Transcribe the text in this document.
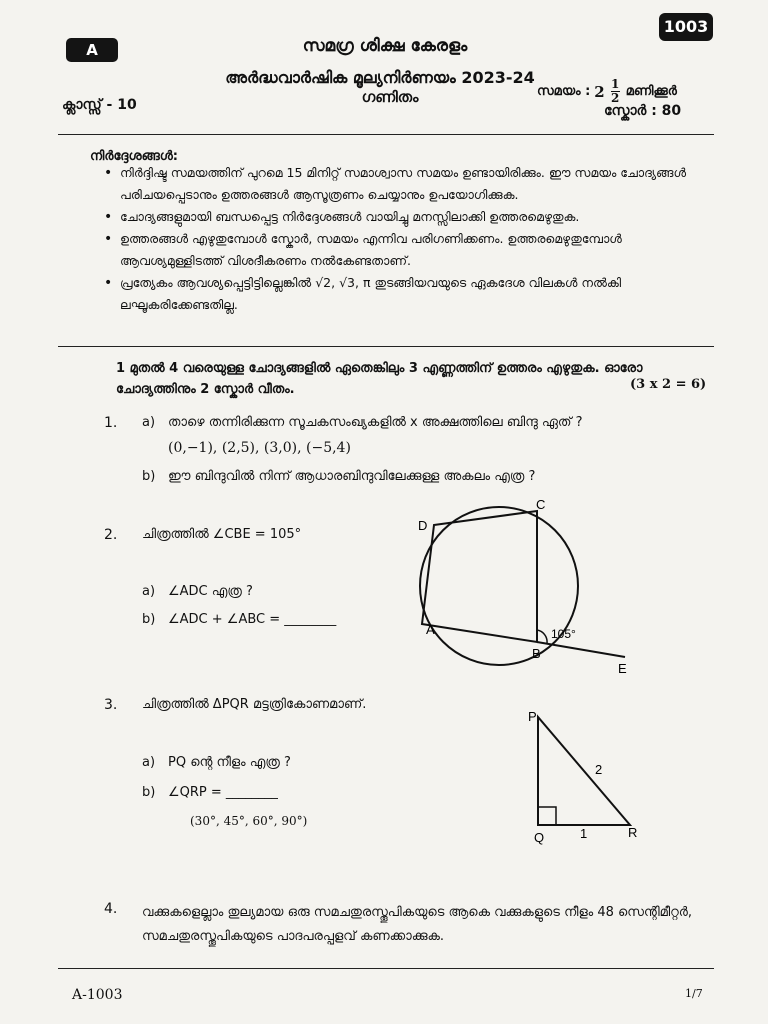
A
1003
സമഗ്ര ശിക്ഷ കേരളം
അർദ്ധവാർഷിക മൂല്യനിർണയം 2023-24
ഗണിതം
ക്ലാസ്സ് - 10
സമയം : $2 \frac{1}{2}$ മണിക്കൂർ
സ്കോർ : 80
നിർദ്ദേശങ്ങൾ:
• നിർദ്ദിഷ്ട സമയത്തിന് പുറമെ 15 മിനിറ്റ് സമാശ്വാസ സമയം ഉണ്ടായിരിക്കും. ഈ സമയം ചോദ്യങ്ങൾ പരിചയപ്പെടാനും ഉത്തരങ്ങൾ ആസൂത്രണം ചെയ്യാനും ഉപയോഗിക്കുക.
• ചോദ്യങ്ങളുമായി ബന്ധപ്പെട്ട നിർദ്ദേശങ്ങൾ വായിച്ചു മനസ്സിലാക്കി ഉത്തരമെഴുതുക.
• ഉത്തരങ്ങൾ എഴുതുമ്പോൾ സ്കോർ, സമയം എന്നിവ പരിഗണിക്കണം. ഉത്തരമെഴുതുമ്പോൾ ആവശ്യമുള്ളിടത്ത് വിശദീകരണം നൽകേണ്ടതാണ്.
• പ്രത്യേകം ആവശ്യപ്പെട്ടിട്ടില്ലെങ്കിൽ √2, √3, π തുടങ്ങിയവയുടെ ഏകദേശ വിലകൾ നൽകി ലഘൂകരിക്കേണ്ടതില്ല.
1 മുതൽ 4 വരെയുള്ള ചോദ്യങ്ങളിൽ ഏതെങ്കിലും 3 എണ്ണത്തിന് ഉത്തരം എഴുതുക. ഓരോ ചോദ്യത്തിനും 2 സ്കോർ വീതം.	(3 x 2 = 6)
1. a) താഴെ തന്നിരിക്കുന്ന സൂചകസംഖ്യകളിൽ x അക്ഷത്തിലെ ബിന്ദു ഏത് ?
(0,−1), (2,5), (3,0), (−5,4)
b) ഈ ബിന്ദുവിൽ നിന്ന് ആധാരബിന്ദുവിലേക്കുള്ള അകലം എത്ര ?
2. ചിത്രത്തിൽ ∠CBE = 105°
a) ∠ADC എത്ര ?
b) ∠ADC + ∠ABC = ________
D
C
A
B
E
105°
3. ചിത്രത്തിൽ ΔPQR മട്ടത്രികോണമാണ്.
a) PQ ന്റെ നീളം എത്ര ?
b) ∠QRP = ________
(30°, 45°, 60°, 90°)
P
Q	R
2
1
4. വക്കുകളെല്ലാം തുല്യമായ ഒരു സമചതുരസ്തൂപികയുടെ ആകെ വക്കുകളുടെ നീളം 48 സെന്റിമീറ്റർ, സമചതുരസ്തൂപികയുടെ പാദപരപ്പളവ് കണക്കാക്കുക.
A-1003	1/7
